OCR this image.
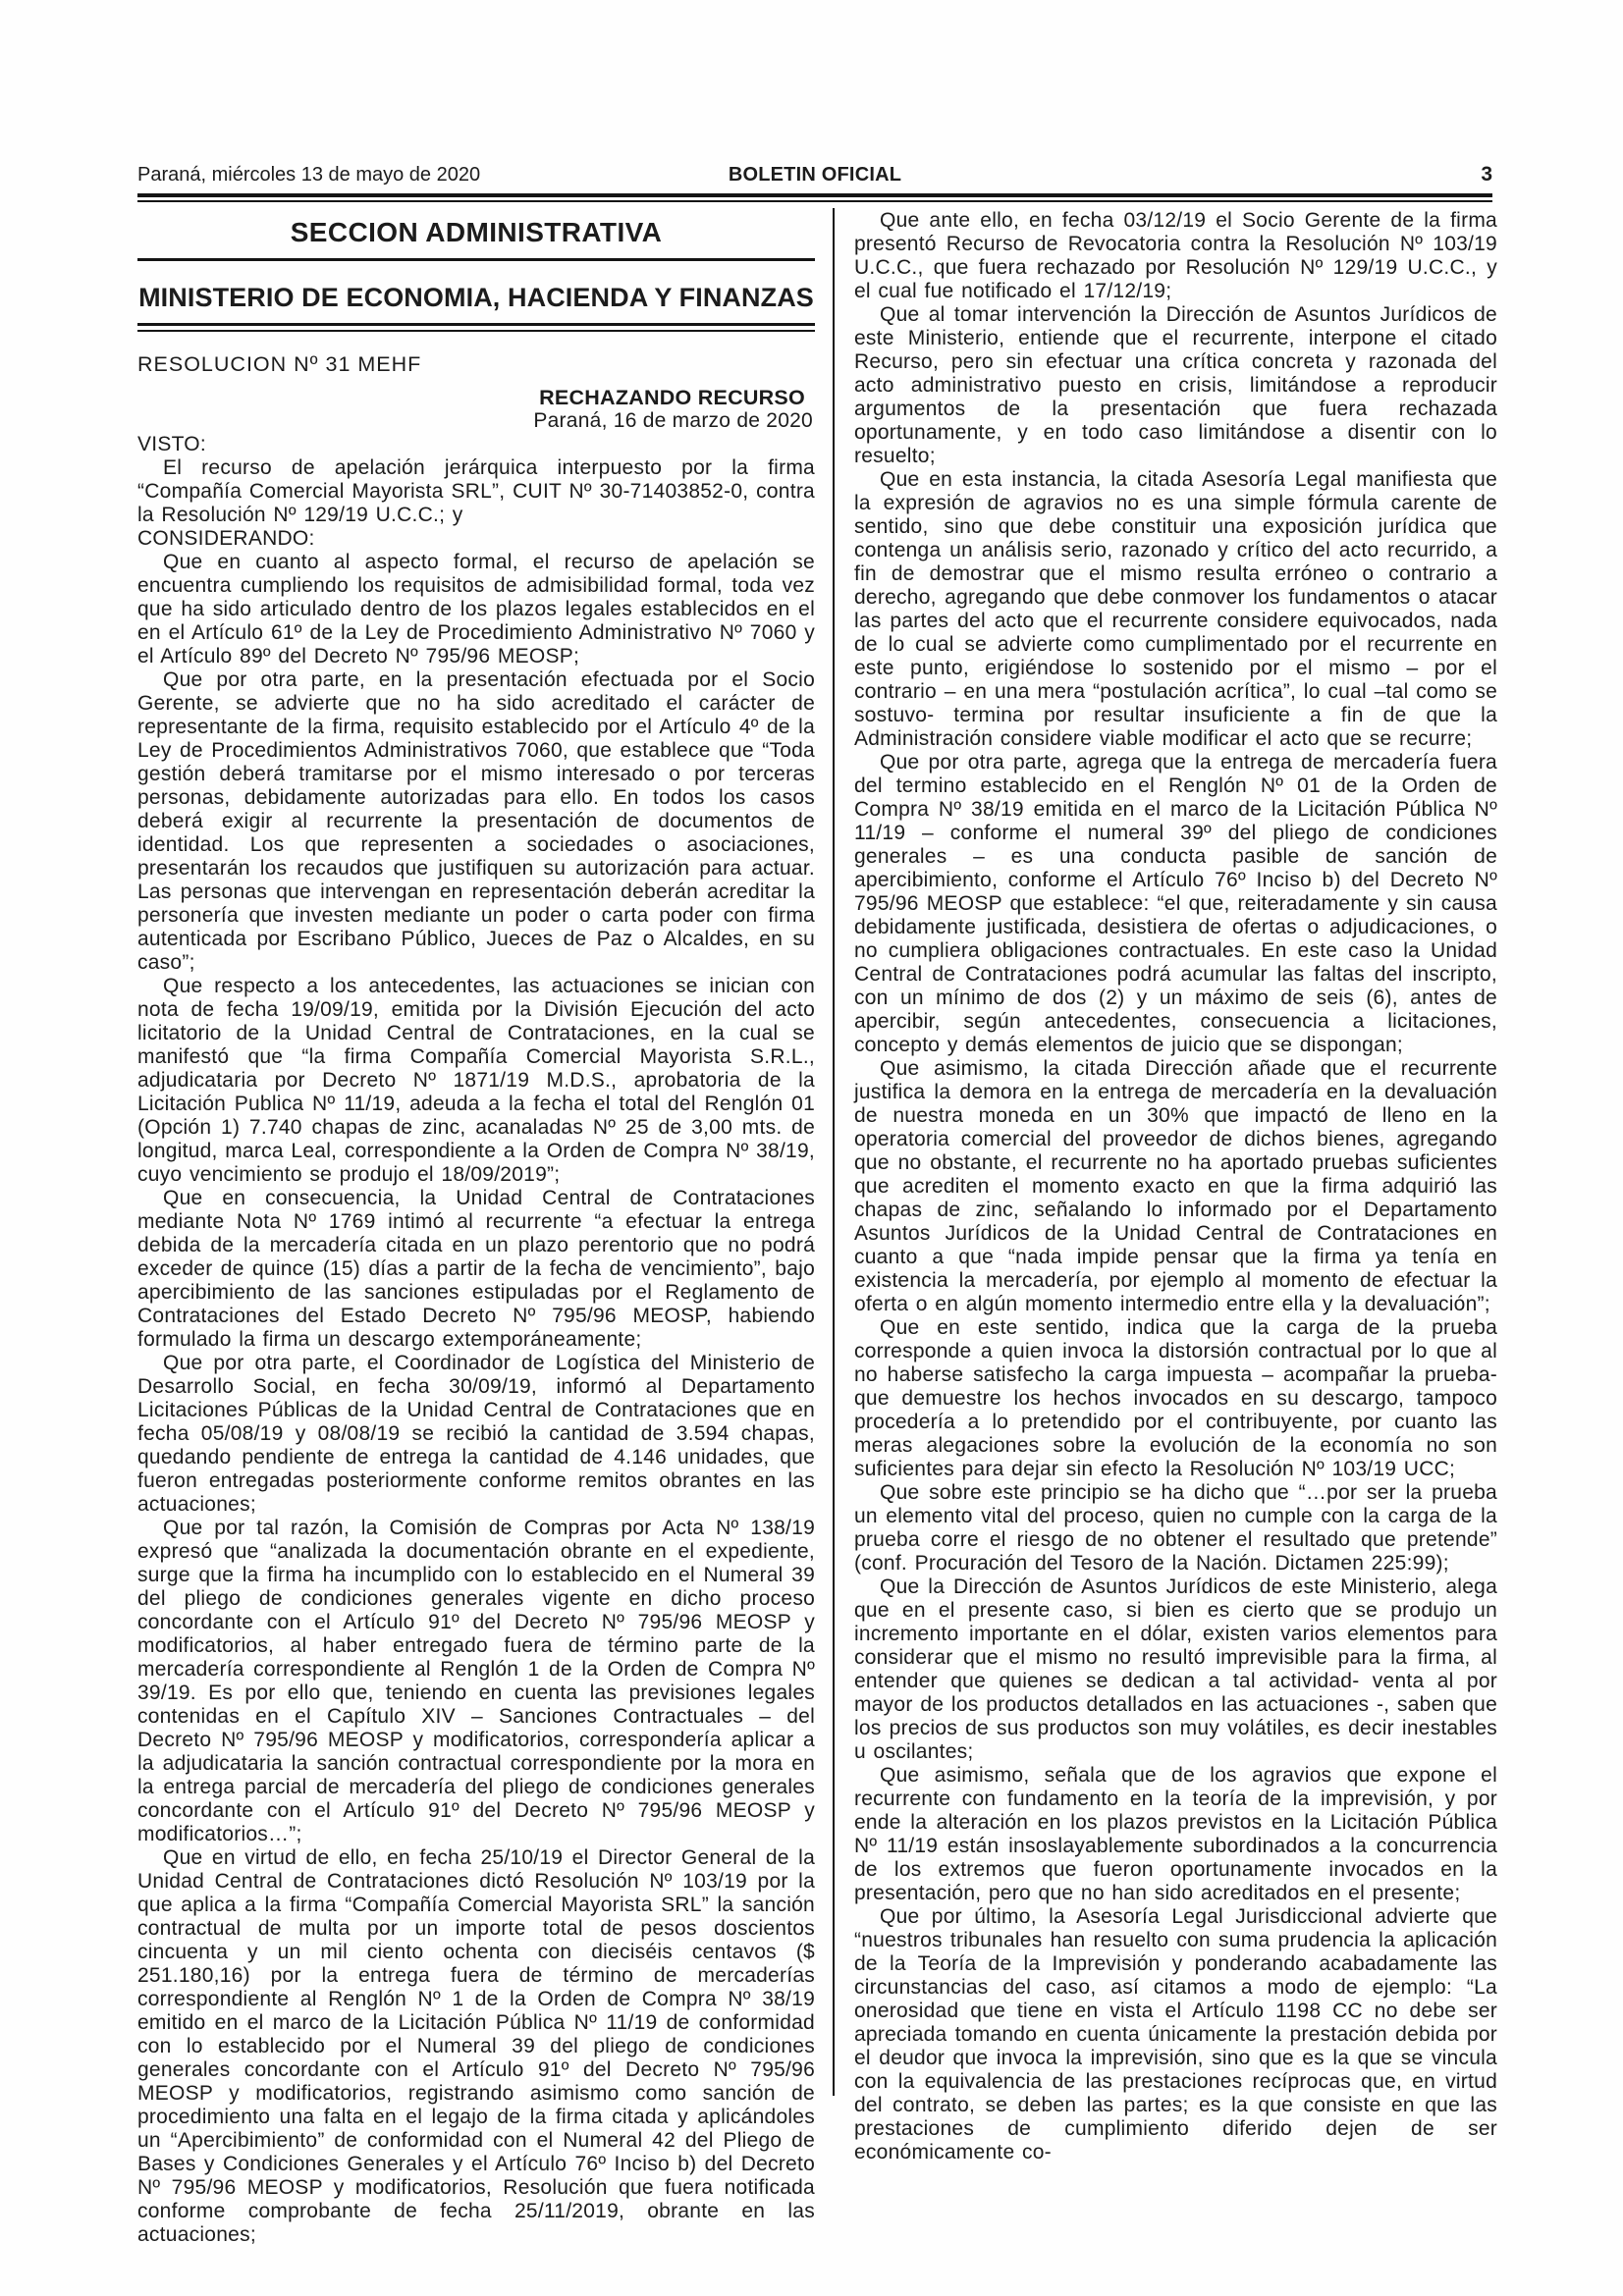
Paraná, miércoles 13 de mayo de 2020	BOLETIN OFICIAL	3
SECCION ADMINISTRATIVA
MINISTERIO DE ECONOMIA, HACIENDA Y FINANZAS

RESOLUCION Nº 31 MEHF

RECHAZANDO RECURSO

Paraná, 16 de marzo de 2020

VISTO:

El recurso de apelación jerárquica interpuesto por la firma “Compañía Comercial Mayorista SRL”, CUIT Nº 30-71403852-0, contra la Resolución Nº 129/19 U.C.C.; y

CONSIDERANDO:

Que en cuanto al aspecto formal, el recurso de apelación se encuentra cumpliendo los requisitos de admisibilidad formal, toda vez que ha sido articulado dentro de los plazos legales establecidos en el en el Artículo 61º de la Ley de Procedimiento Administrativo Nº 7060 y el Artículo 89º del Decreto Nº 795/96 MEOSP;

Que por otra parte, en la presentación efectuada por el Socio Gerente, se advierte que no ha sido acreditado el carácter de representante de la firma, requisito establecido por el Artículo 4º de la Ley de Procedimientos Administrativos 7060, que establece que “Toda gestión deberá tramitarse por el mismo interesado o por terceras personas, debidamente autorizadas para ello. En todos los casos deberá exigir al recurrente la presentación de documentos de identidad. Los que representen a sociedades o asociaciones, presentarán los recaudos que justifiquen su autorización para actuar. Las personas que intervengan en representación deberán acreditar la personería que investen mediante un poder o carta poder con firma autenticada por Escribano Público, Jueces de Paz o Alcaldes, en su caso”;

Que respecto a los antecedentes, las actuaciones se inician con nota de fecha 19/09/19, emitida por la División Ejecución del acto licitatorio de la Unidad Central de Contrataciones, en la cual se manifestó que “la firma Compañía Comercial Mayorista S.R.L., adjudicataria por Decreto Nº 1871/19 M.D.S., aprobatoria de la Licitación Publica Nº 11/19, adeuda a la fecha el total del Renglón 01 (Opción 1) 7.740 chapas de zinc, acanaladas Nº 25 de 3,00 mts. de longitud, marca Leal, correspondiente a la Orden de Compra Nº 38/19, cuyo vencimiento se produjo el 18/09/2019”;

Que en consecuencia, la Unidad Central de Contrataciones mediante Nota Nº 1769 intimó al recurrente “a efectuar la entrega debida de la mercadería citada en un plazo perentorio que no podrá exceder de quince (15) días a partir de la fecha de vencimiento”, bajo apercibimiento de las sanciones estipuladas por el Reglamento de Contrataciones del Estado Decreto Nº 795/96 MEOSP, habiendo formulado la firma un descargo extemporáneamente;

Que por otra parte, el Coordinador de Logística del Ministerio de Desarrollo Social, en fecha 30/09/19, informó al Departamento Licitaciones Públicas de la Unidad Central de Contrataciones que en fecha 05/08/19 y 08/08/19 se recibió la cantidad de 3.594 chapas, quedando pendiente de entrega la cantidad de 4.146 unidades, que fueron entregadas posteriormente conforme remitos obrantes en las actuaciones;

Que por tal razón, la Comisión de Compras por Acta Nº 138/19 expresó que “analizada la documentación obrante en el expediente, surge que la firma ha incumplido con lo establecido en el Numeral 39 del pliego de condiciones generales vigente en dicho proceso concordante con el Artículo 91º del Decreto Nº 795/96 MEOSP y modificatorios, al haber entregado fuera de término parte de la mercadería correspondiente al Renglón 1 de la Orden de Compra Nº 39/19. Es por ello que, teniendo en cuenta las previsiones legales contenidas en el Capítulo XIV – Sanciones Contractuales – del Decreto Nº 795/96 MEOSP y modificatorios, correspondería aplicar a la adjudicataria la sanción contractual correspondiente por la mora en la entrega parcial de mercadería del pliego de condiciones generales concordante con el Artículo 91º del Decreto Nº 795/96 MEOSP y modificatorios…”;

Que en virtud de ello, en fecha 25/10/19 el Director General de la Unidad Central de Contrataciones dictó Resolución Nº 103/19 por la que aplica a la firma “Compañía Comercial Mayorista SRL” la sanción contractual de multa por un importe total de pesos doscientos cincuenta y un mil ciento ochenta con dieciséis centavos ($ 251.180,16) por la entrega fuera de término de mercaderías correspondiente al Renglón Nº 1 de la Orden de Compra Nº 38/19 emitido en el marco de la Licitación Pública Nº 11/19 de conformidad con lo establecido por el Numeral 39 del pliego de condiciones generales concordante con el Artículo 91º del Decreto Nº 795/96 MEOSP y modificatorios, registrando asimismo como sanción de procedimiento una falta en el legajo de la firma citada y aplicándoles un “Apercibimiento” de conformidad con el Numeral 42 del Pliego de Bases y Condiciones Generales y el Artículo 76º Inciso b) del Decreto Nº 795/96 MEOSP y modificatorios, Resolución que fuera notificada conforme comprobante de fecha 25/11/2019, obrante en las actuaciones;

Que ante ello, en fecha 03/12/19 el Socio Gerente de la firma presentó Recurso de Revocatoria contra la Resolución Nº 103/19 U.C.C., que fuera rechazado por Resolución Nº 129/19 U.C.C., y el cual fue notificado el 17/12/19;

Que al tomar intervención la Dirección de Asuntos Jurídicos de este Ministerio, entiende que el recurrente, interpone el citado Recurso, pero sin efectuar una crítica concreta y razonada del acto administrativo puesto en crisis, limitándose a reproducir argumentos de la presentación que fuera rechazada oportunamente, y en todo caso limitándose a disentir con lo resuelto;

Que en esta instancia, la citada Asesoría Legal manifiesta que la expresión de agravios no es una simple fórmula carente de sentido, sino que debe constituir una exposición jurídica que contenga un análisis serio, razonado y crítico del acto recurrido, a fin de demostrar que el mismo resulta erróneo o contrario a derecho, agregando que debe conmover los fundamentos o atacar las partes del acto que el recurrente considere equivocados, nada de lo cual se advierte como cumplimentado por el recurrente en este punto, erigiéndose lo sostenido por el mismo – por el contrario – en una mera “postulación acrítica”, lo cual –tal como se sostuvo- termina por resultar insuficiente a fin de que la Administración considere viable modificar el acto que se recurre;

Que por otra parte, agrega que la entrega de mercadería fuera del termino establecido en el Renglón Nº 01 de la Orden de Compra Nº 38/19 emitida en el marco de la Licitación Pública Nº 11/19 – conforme el numeral 39º del pliego de condiciones generales – es una conducta pasible de sanción de apercibimiento, conforme el Artículo 76º Inciso b) del Decreto Nº 795/96 MEOSP que establece: “el que, reiteradamente y sin causa debidamente justificada, desistiera de ofertas o adjudicaciones, o no cumpliera obligaciones contractuales. En este caso la Unidad Central de Contrataciones podrá acumular las faltas del inscripto, con un mínimo de dos (2) y un máximo de seis (6), antes de apercibir, según antecedentes, consecuencia a licitaciones, concepto y demás elementos de juicio que se dispongan;

Que asimismo, la citada Dirección añade que el recurrente justifica la demora en la entrega de mercadería en la devaluación de nuestra moneda en un 30% que impactó de lleno en la operatoria comercial del proveedor de dichos bienes, agregando que no obstante, el recurrente no ha aportado pruebas suficientes que acrediten el momento exacto en que la firma adquirió las chapas de zinc, señalando lo informado por el Departamento Asuntos Jurídicos de la Unidad Central de Contrataciones en cuanto a que “nada impide pensar que la firma ya tenía en existencia la mercadería, por ejemplo al momento de efectuar la oferta o en algún momento intermedio entre ella y la devaluación”;

Que en este sentido, indica que la carga de la prueba corresponde a quien invoca la distorsión contractual por lo que al no haberse satisfecho la carga impuesta – acompañar la prueba- que demuestre los hechos invocados en su descargo, tampoco procedería a lo pretendido por el contribuyente, por cuanto las meras alegaciones sobre la evolución de la economía no son suficientes para dejar sin efecto la Resolución Nº 103/19 UCC;

Que sobre este principio se ha dicho que “…por ser la prueba un elemento vital del proceso, quien no cumple con la carga de la prueba corre el riesgo de no obtener el resultado que pretende” (conf. Procuración del Tesoro de la Nación. Dictamen 225:99);

Que la Dirección de Asuntos Jurídicos de este Ministerio, alega que en el presente caso, si bien es cierto que se produjo un incremento importante en el dólar, existen varios elementos para considerar que el mismo no resultó imprevisible para la firma, al entender que quienes se dedican a tal actividad- venta al por mayor de los productos detallados en las actuaciones -, saben que los precios de sus productos son muy volátiles, es decir inestables u oscilantes;

Que asimismo, señala que de los agravios que expone el recurrente con fundamento en la teoría de la imprevisión, y por ende la alteración en los plazos previstos en la Licitación Pública Nº 11/19 están insoslayablemente subordinados a la concurrencia de los extremos que fueron oportunamente invocados en la presentación, pero que no han sido acreditados en el presente;

Que por último, la Asesoría Legal Jurisdiccional advierte que “nuestros tribunales han resuelto con suma prudencia la aplicación de la Teoría de la Imprevisión y ponderando acabadamente las circunstancias del caso, así citamos a modo de ejemplo: “La onerosidad que tiene en vista el Artículo 1198 CC no debe ser apreciada tomando en cuenta únicamente la prestación debida por el deudor que invoca la imprevisión, sino que es la que se vincula con la equivalencia de las prestaciones recíprocas que, en virtud del contrato, se deben las partes; es la que consiste en que las prestaciones de cumplimiento diferido dejen de ser económicamente co-
